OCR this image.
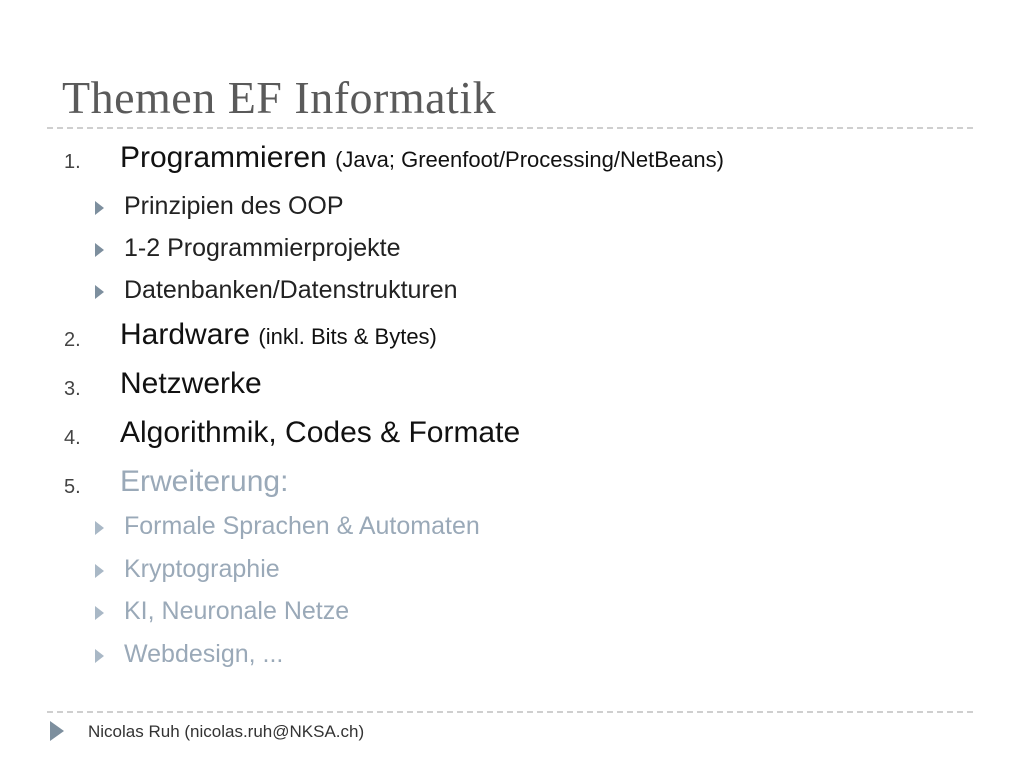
Themen EF Informatik
1. Programmieren (Java; Greenfoot/Processing/NetBeans)
Prinzipien des OOP
1-2 Programmierprojekte
Datenbanken/Datenstrukturen
2. Hardware (inkl. Bits & Bytes)
3. Netzwerke
4. Algorithmik, Codes & Formate
5. Erweiterung:
Formale Sprachen & Automaten
Kryptographie
KI, Neuronale Netze
Webdesign, ...
Nicolas Ruh (nicolas.ruh@NKSA.ch)
